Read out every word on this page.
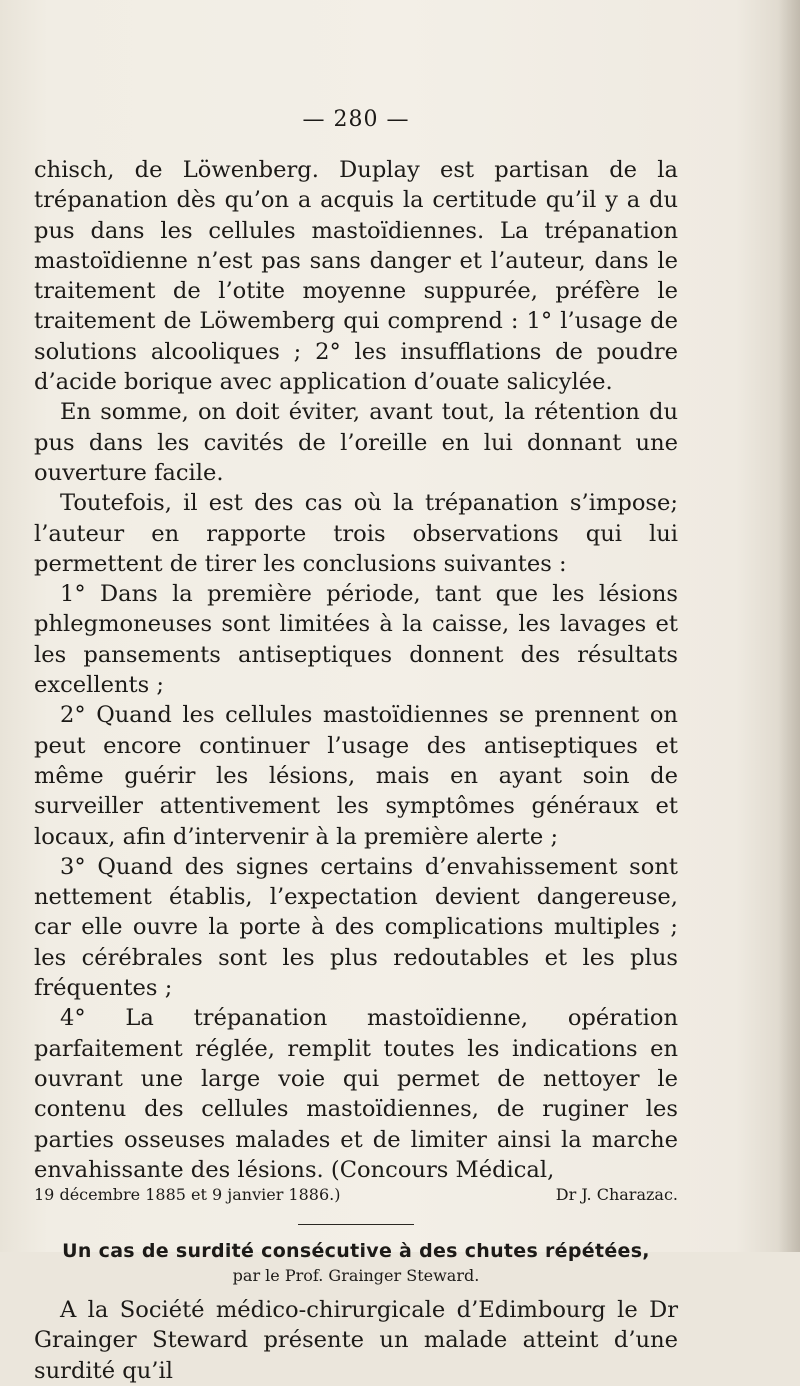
— 280 —

chisch, de Löwenberg. Duplay est partisan de la trépanation dès qu’on a acquis la certitude qu’il y a du pus dans les cellules mastoïdiennes. La trépanation mastoïdienne n’est pas sans danger et l’auteur, dans le traitement de l’otite moyenne suppurée, préfère le traitement de Löwemberg qui comprend : 1° l’usage de solutions alcooliques ; 2° les insufflations de poudre d’acide borique avec application d’ouate salicylée.

En somme, on doit éviter, avant tout, la rétention du pus dans les cavités de l’oreille en lui donnant une ouverture facile.

Toutefois, il est des cas où la trépanation s’impose; l’auteur en rapporte trois observations qui lui permettent de tirer les conclusions suivantes :

1° Dans la première période, tant que les lésions phlegmoneuses sont limitées à la caisse, les lavages et les pansements antiseptiques donnent des résultats excellents ;

2° Quand les cellules mastoïdiennes se prennent on peut encore continuer l’usage des antiseptiques et même guérir les lésions, mais en ayant soin de surveiller attentivement les symptômes généraux et locaux, afin d’intervenir à la première alerte ;

3° Quand des signes certains d’envahissement sont nettement établis, l’expectation devient dangereuse, car elle ouvre la porte à des complications multiples ; les cérébrales sont les plus redoutables et les plus fréquentes ;

4° La trépanation mastoïdienne, opération parfaitement réglée, remplit toutes les indications en ouvrant une large voie qui permet de nettoyer le contenu des cellules mastoïdiennes, de ruginer les parties osseuses malades et de limiter ainsi la marche envahissante des lésions. (Concours Médical,

19 décembre 1885 et 9 janvier 1886.)	Dr J. Charazac.
Un cas de surdité consécutive à des chutes répétées,
par le Prof. Grainger Steward.

A la Société médico-chirurgicale d’Edimbourg le Dr Grainger Steward présente un malade atteint d’une surdité qu’il
